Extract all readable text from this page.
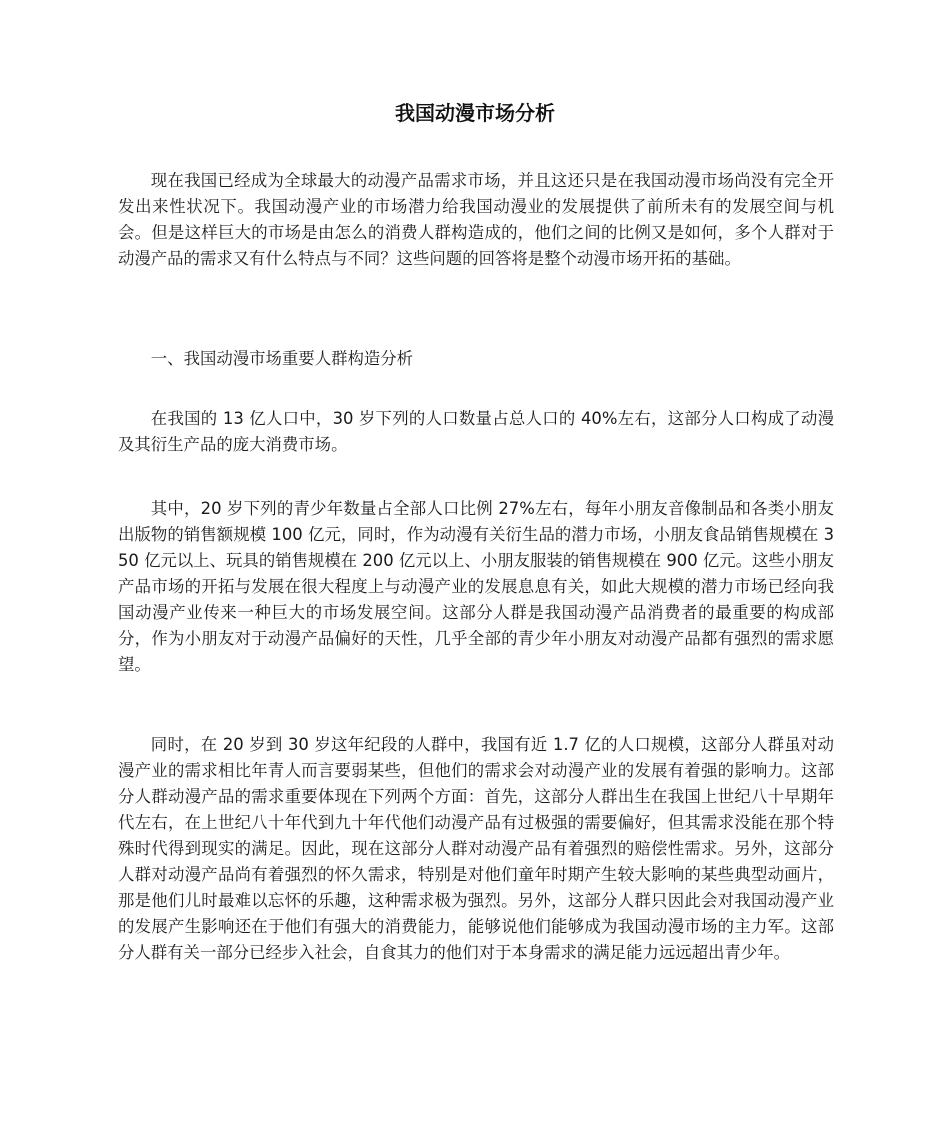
我国动漫市场分析

现在我国已经成为全球最大的动漫产品需求市场，并且这还只是在我国动漫市场尚没有完全开发出来性状况下。我国动漫产业的市场潜力给我国动漫业的发展提供了前所未有的发展空间与机会。但是这样巨大的市场是由怎么的消费人群构造成的，他们之间的比例又是如何，多个人群对于动漫产品的需求又有什么特点与不同？这些问题的回答将是整个动漫市场开拓的基础。

一、我国动漫市场重要人群构造分析

在我国的 13 亿人口中，30 岁下列的人口数量占总人口的 40%左右，这部分人口构成了动漫及其衍生产品的庞大消费市场。

其中，20 岁下列的青少年数量占全部人口比例 27%左右，每年小朋友音像制品和各类小朋友出版物的销售额规模 100 亿元，同时，作为动漫有关衍生品的潜力市场，小朋友食品销售规模在 350 亿元以上、玩具的销售规模在 200 亿元以上、小朋友服装的销售规模在 900 亿元。这些小朋友产品市场的开拓与发展在很大程度上与动漫产业的发展息息有关，如此大规模的潜力市场已经向我国动漫产业传来一种巨大的市场发展空间。这部分人群是我国动漫产品消费者的最重要的构成部分，作为小朋友对于动漫产品偏好的天性，几乎全部的青少年小朋友对动漫产品都有强烈的需求愿望。

同时，在 20 岁到 30 岁这年纪段的人群中，我国有近 1.7 亿的人口规模，这部分人群虽对动漫产业的需求相比年青人而言要弱某些，但他们的需求会对动漫产业的发展有着强的影响力。这部分人群动漫产品的需求重要体现在下列两个方面：首先，这部分人群出生在我国上世纪八十早期年代左右，在上世纪八十年代到九十年代他们动漫产品有过极强的需要偏好，但其需求没能在那个特殊时代得到现实的满足。因此，现在这部分人群对动漫产品有着强烈的赔偿性需求。另外，这部分人群对动漫产品尚有着强烈的怀久需求，特别是对他们童年时期产生较大影响的某些典型动画片，那是他们儿时最难以忘怀的乐趣，这种需求极为强烈。另外，这部分人群只因此会对我国动漫产业的发展产生影响还在于他们有强大的消费能力，能够说他们能够成为我国动漫市场的主力军。这部分人群有关一部分已经步入社会，自食其力的他们对于本身需求的满足能力远远超出青少年。
